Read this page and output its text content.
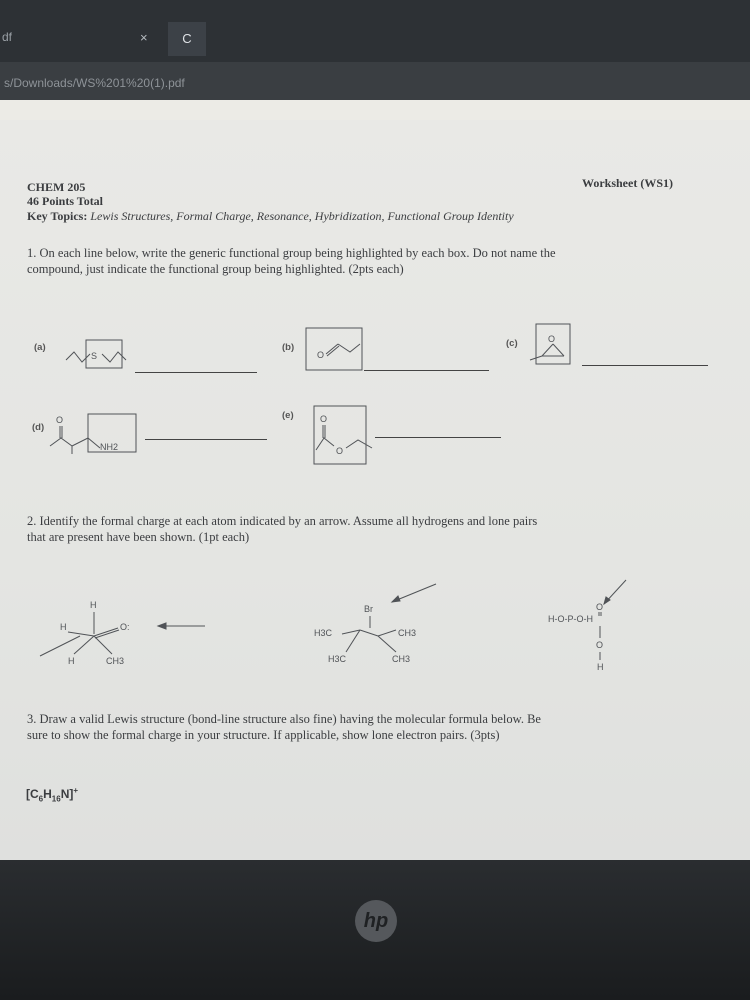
df	×	C
s/Downloads/WS%201%20(1).pdf
CHEM 205
46 Points Total
Worksheet (WS1)
Key Topics: Lewis Structures, Formal Charge, Resonance, Hybridization, Functional Group Identity
1. On each line below, write the generic functional group being highlighted by each box. Do not name the
compound, just indicate the functional group being highlighted. (2pts each)
(a)
S
(b)
O
(c)	O
(d)
O
NH2
(e)	O
O
2. Identify the formal charge at each atom indicated by an arrow. Assume all hydrogens and lone pairs
that are present have been shown. (1pt each)
H
H	O:
H	CH3
Br
H3C	CH3
H3C	CH3
O
H-O-P-O-H
O
H
3. Draw a valid Lewis structure (bond-line structure also fine) having the molecular formula below. Be
sure to show the formal charge in your structure. If applicable, show lone electron pairs. (3pts)
$[C_6H_{16}N]^+$
hp
